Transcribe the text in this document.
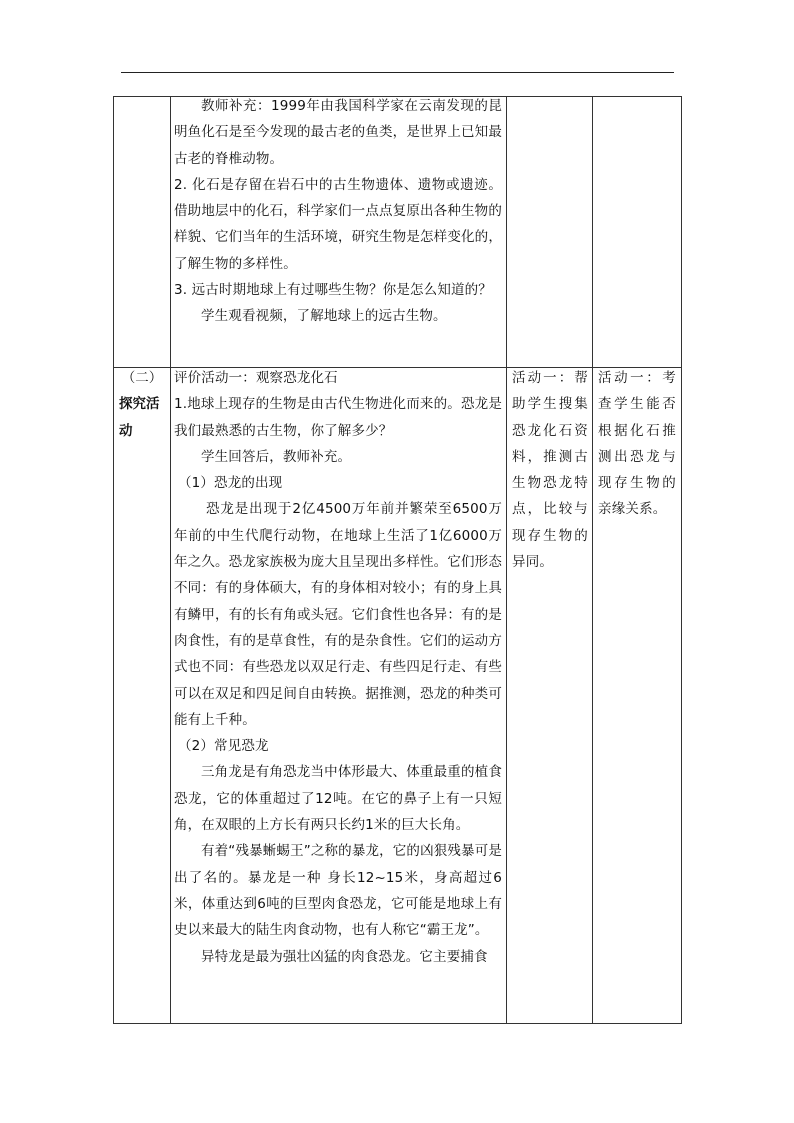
教师补充：1999年由我国科学家在云南发现的昆明鱼化石是至今发现的最古老的鱼类，是世界上已知最古老的脊椎动物。

2. 化石是存留在岩石中的古生物遗体、遗物或遗迹。借助地层中的化石，科学家们一点点复原出各种生物的样貌、它们当年的生活环境，研究生物是怎样变化的，了解生物的多样性。

3. 远古时期地球上有过哪些生物？你是怎么知道的？

学生观看视频，了解地球上的远古生物。

（二）

探究活动

评价活动一：观察恐龙化石

1.地球上现存的生物是由古代生物进化而来的。恐龙是我们最熟悉的古生物，你了解多少？

学生回答后，教师补充。

（1）恐龙的出现

恐龙是出现于2亿4500万年前并繁荣至6500万年前的中生代爬行动物，在地球上生活了1亿6000万年之久。恐龙家族极为庞大且呈现出多样性。它们形态不同：有的身体硕大，有的身体相对较小；有的身上具有鳞甲，有的长有角或头冠。它们食性也各异：有的是肉食性，有的是草食性，有的是杂食性。它们的运动方式也不同：有些恐龙以双足行走、有些四足行走、有些可以在双足和四足间自由转换。据推测，恐龙的种类可能有上千种。

（2）常见恐龙

三角龙是有角恐龙当中体形最大、体重最重的植食恐龙，它的体重超过了12吨。在它的鼻子上有一只短角，在双眼的上方长有两只长约1米的巨大长角。

有着“残暴蜥蜴王”之称的暴龙，它的凶狠残暴可是出了名的。暴龙是一种 身长12~15米，身高超过6米，体重达到6吨的巨型肉食恐龙，它可能是地球上有史以来最大的陆生肉食动物，也有人称它“霸王龙”。

异特龙是最为强壮凶猛的肉食恐龙。它主要捕食

活动一：帮助学生搜集恐龙化石资料，推测古生物恐龙特点，比较与现存生物的异同。

活动一：考查学生能否根据化石推测出恐龙与现存生物的亲缘关系。
